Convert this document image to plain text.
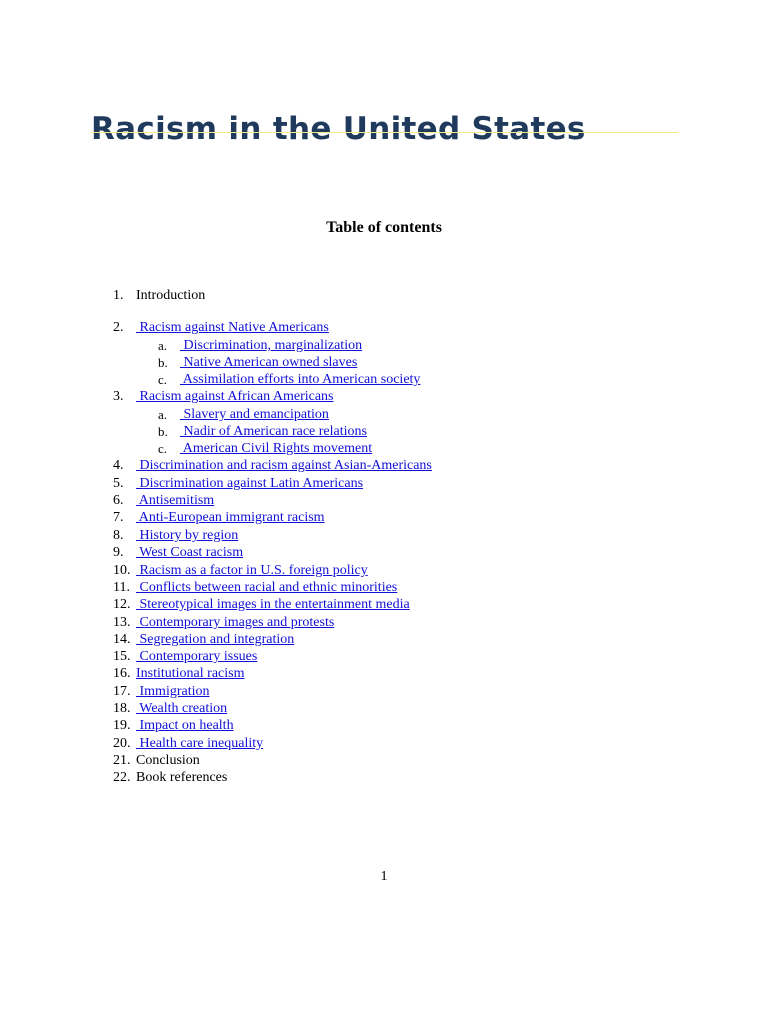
Racism in the United States
Table of contents
1. Introduction
2. Racism against Native Americans
a. Discrimination, marginalization
b. Native American owned slaves
c. Assimilation efforts into American society
3. Racism against African Americans
a. Slavery and emancipation
b. Nadir of American race relations
c. American Civil Rights movement
4. Discrimination and racism against Asian-Americans
5. Discrimination against Latin Americans
6. Antisemitism
7. Anti-European immigrant racism
8. History by region
9. West Coast racism
10. Racism as a factor in U.S. foreign policy
11. Conflicts between racial and ethnic minorities
12. Stereotypical images in the entertainment media
13. Contemporary images and protests
14. Segregation and integration
15. Contemporary issues
16. Institutional racism
17. Immigration
18. Wealth creation
19. Impact on health
20. Health care inequality
21. Conclusion
22. Book references
1
